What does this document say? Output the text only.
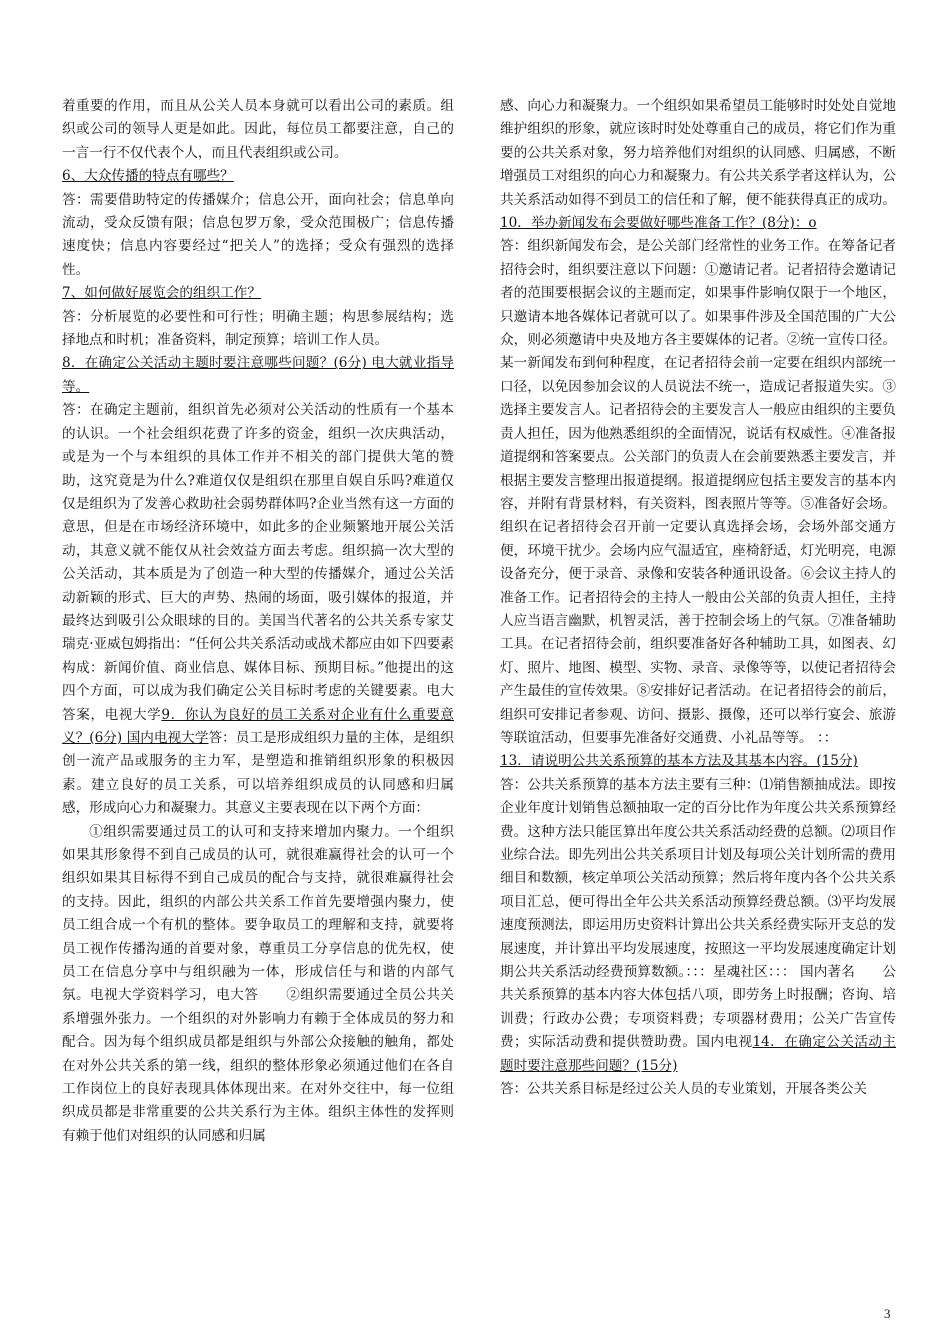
着重要的作用，而且从公关人员本身就可以看出公司的素质。组织或公司的领导人更是如此。因此，每位员工都要注意，自己的一言一行不仅代表个人，而且代表组织或公司。

6、大众传播的特点有哪些？

答：需要借助特定的传播媒介；信息公开，面向社会；信息单向流动，受众反馈有限；信息包罗万象，受众范围极广；信息传播速度快；信息内容要经过“把关人”的选择；受众有强烈的选择性。

7、如何做好展览会的组织工作？

答：分析展览的必要性和可行性；明确主题；构思参展结构；选择地点和时机；准备资料，制定预算；培训工作人员。

8．在确定公关活动主题时要注意哪些问题？(6分) 电大就业指导等。

答：在确定主题前，组织首先必须对公关活动的性质有一个基本的认识。一个社会组织花费了许多的资金，组织一次庆典活动，或是为一个与本组织的具体工作并不相关的部门提供大笔的赞助，这究竟是为什么?难道仅仅是组织在那里自娱自乐吗?难道仅仅是组织为了发善心救助社会弱势群体吗?企业当然有这一方面的意思，但是在市场经济环境中，如此多的企业频繁地开展公关活动，其意义就不能仅从社会效益方面去考虑。组织搞一次大型的公关活动，其本质是为了创造一种大型的传播媒介，通过公关活动新颖的形式、巨大的声势、热闹的场面，吸引媒体的报道，并最终达到吸引公众眼球的目的。美国当代著名的公共关系专家艾瑞克·亚威包姆指出：“任何公共关系活动或战术都应由如下四要素构成：新闻价值、商业信息、媒体目标、预期目标。”他提出的这四个方面，可以成为我们确定公关目标时考虑的关键要素。电大答案，电视大学9．你认为良好的员工关系对企业有什么重要意义？(6分) 国内电视大学答：员工是形成组织力量的主体，是组织创一流产品或服务的主力军，是塑造和推销组织形象的积极因素。建立良好的员工关系，可以培养组织成员的认同感和归属感，形成向心力和凝聚力。其意义主要表现在以下两个方面：

①组织需要通过员工的认可和支持来增加内聚力。一个组织如果其形象得不到自己成员的认可，就很难赢得社会的认可一个组织如果其目标得不到自己成员的配合与支持，就很难赢得社会的支持。因此，组织的内部公共关系工作首先要增强内聚力，使员工组合成一个有机的整体。要争取员工的理解和支持，就要将员工视作传播沟通的首要对象，尊重员工分享信息的优先权，使员工在信息分享中与组织融为一体，形成信任与和谐的内部气氛。电视大学资料学习，电大答　　②组织需要通过全员公共关系增强外张力。一个组织的对外影响力有赖于全体成员的努力和配合。因为每个组织成员都是组织与外部公众接触的触角，都处在对外公共关系的第一线，组织的整体形象必须通过他们在各自工作岗位上的良好表现具体体现出来。在对外交往中，每一位组织成员都是非常重要的公共关系行为主体。组织主体性的发挥则有赖于他们对组织的认同感和归属

感、向心力和凝聚力。一个组织如果希望员工能够时时处处自觉地维护组织的形象，就应该时时处处尊重自己的成员，将它们作为重要的公共关系对象，努力培养他们对组织的认同感、归属感，不断增强员工对组织的向心力和凝聚力。有公共关系学者这样认为，公共关系活动如得不到员工的信任和了解，便不能获得真正的成功。10．举办新闻发布会要做好哪些准备工作？(8分)：o

答：组织新闻发布会，是公关部门经常性的业务工作。在筹备记者招待会时，组织要注意以下问题：①邀请记者。记者招待会邀请记者的范围要根据会议的主题而定，如果事件影响仅限于一个地区，只邀请本地各媒体记者就可以了。如果事件涉及全国范围的广大公众，则必须邀请中央及地方各主要媒体的记者。②统一宣传口径。某一新闻发布到何种程度，在记者招待会前一定要在组织内部统一口径，以免因参加会议的人员说法不统一，造成记者报道失实。③选择主要发言人。记者招待会的主要发言人一般应由组织的主要负责人担任，因为他熟悉组织的全面情况，说话有权威性。④准备报道提纲和答案要点。公关部门的负责人在会前要熟悉主要发言，并根据主要发言整理出报道提纲。报道提纲应包括主要发言的基本内容，并附有背景材料，有关资料，图表照片等等。⑤准备好会场。组织在记者招待会召开前一定要认真选择会场，会场外部交通方便，环境干扰少。会场内应气温适宜，座椅舒适，灯光明亮，电源设备充分，便于录音、录像和安装各种通讯设备。⑥会议主持人的准备工作。记者招待会的主持人一般由公关部的负责人担任，主持人应当语言幽默，机智灵活，善于控制会场上的气氛。⑦准备辅助工具。在记者招待会前，组织要准备好各种辅助工具，如图表、幻灯、照片、地图、模型、实物、录音、录像等等，以使记者招待会产生最佳的宣传效果。⑧安排好记者活动。在记者招待会的前后，组织可安排记者参观、访问、摄影、摄像，还可以举行宴会、旅游等联谊活动，但要事先准备好交通费、小礼品等等。 ：：

13．请说明公共关系预算的基本方法及其基本内容。(15分)

答：公共关系预算的基本方法主要有三种：⑴销售额抽成法。即按企业年度计划销售总额抽取一定的百分比作为年度公共关系预算经费。这种方法只能匡算出年度公共关系活动经费的总额。⑵项目作业综合法。即先列出公共关系项目计划及每项公关计划所需的费用细目和数额，核定单项公关活动预算；然后将年度内各个公共关系项目汇总，便可得出全年公共关系活动预算经费总额。⑶平均发展速度预测法，即运用历史资料计算出公共关系经费实际开支总的发展速度，并计算出平均发展速度，按照这一平均发展速度确定计划期公共关系活动经费预算数额。：：：星魂社区：：： 国内著名　　公共关系预算的基本内容大体包括八项，即劳务上时报酬；咨询、培训费；行政办公费；专项资料费；专项器材费用；公关广告宣传费；实际活动费和提供赞助费。国内电视14．在确定公关活动主题时要注意那些问题？(15分)

答：公共关系目标是经过公关人员的专业策划，开展各类公关

3
